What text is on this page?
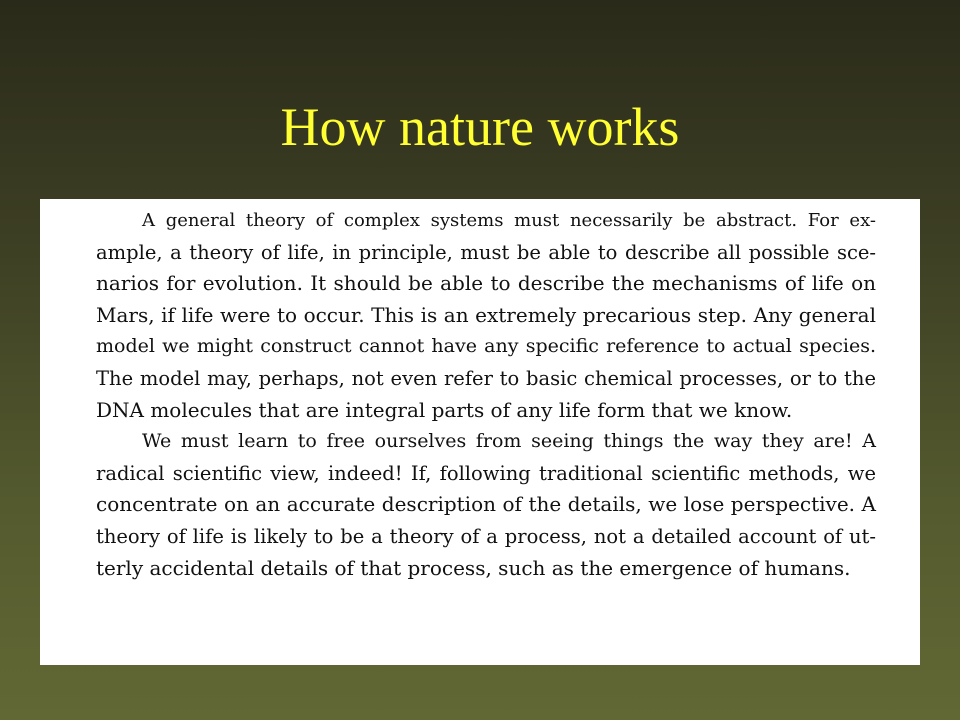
How nature works

A general theory of complex systems must necessarily be abstract. For ex-
ample, a theory of life, in principle, must be able to describe all possible sce-
narios for evolution. It should be able to describe the mechanisms of life on
Mars, if life were to occur. This is an extremely precarious step. Any general
model we might construct cannot have any specific reference to actual species.
The model may, perhaps, not even refer to basic chemical processes, or to the
DNA molecules that are integral parts of any life form that we know.

We must learn to free ourselves from seeing things the way they are! A
radical scientific view, indeed! If, following traditional scientific methods, we
concentrate on an accurate description of the details, we lose perspective. A
theory of life is likely to be a theory of a process, not a detailed account of ut-
terly accidental details of that process, such as the emergence of humans.
